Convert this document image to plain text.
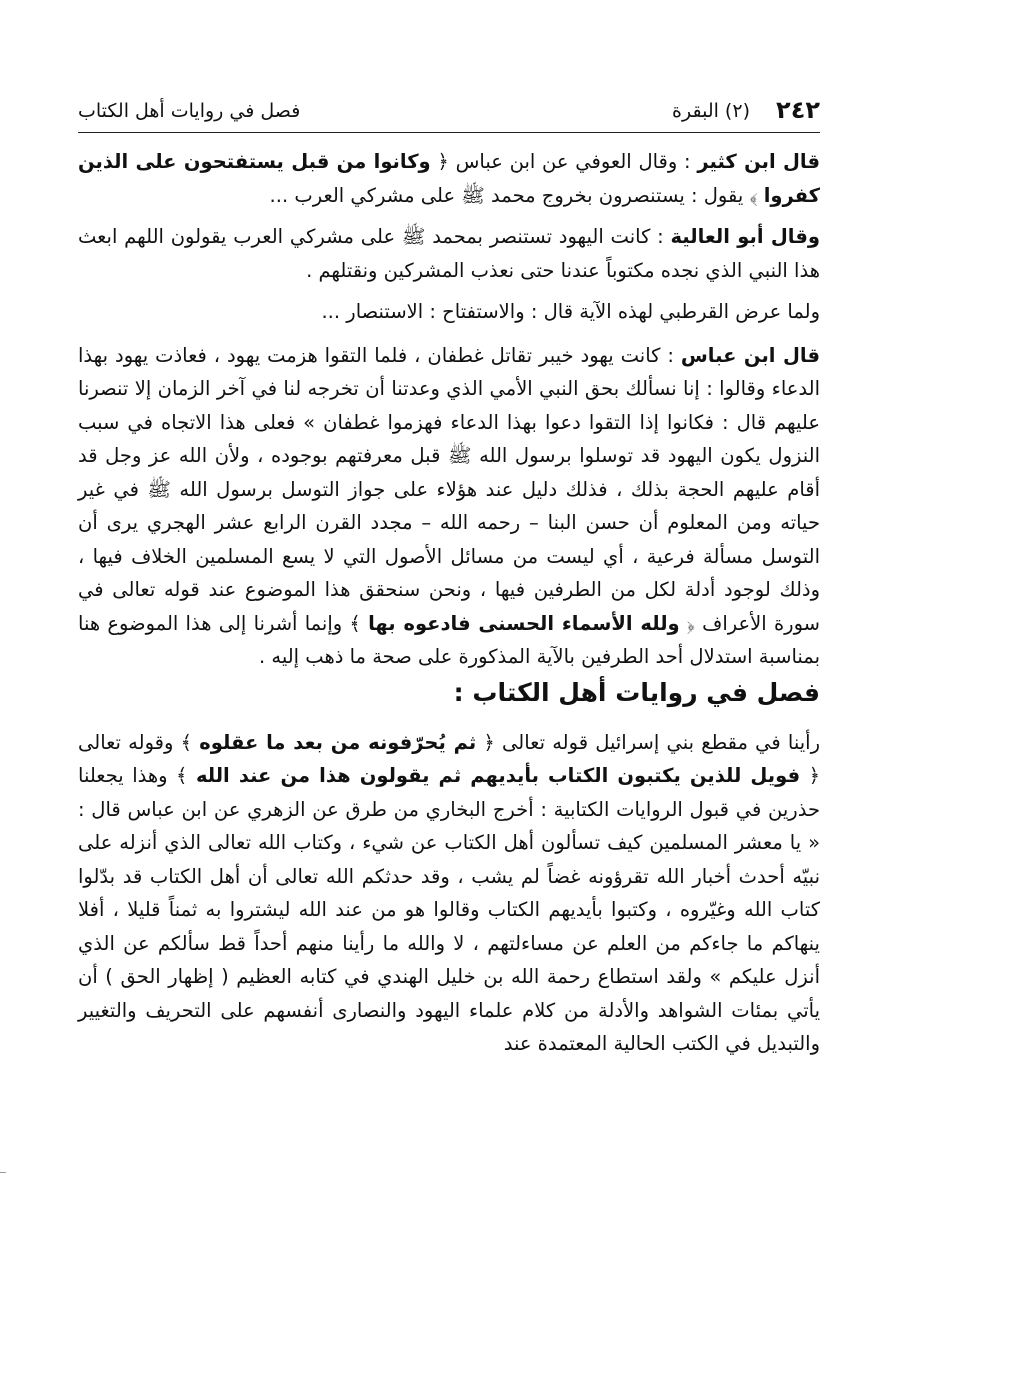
٢٤٢
(٢) البقرة
فصل في روايات أهل الكتاب

قال ابن كثير : وقال العوفي عن ابن عباس ﴿ وكانوا من قبل يستفتحون على الذين كفروا ﴾ يقول : يستنصرون بخروج محمد ﷺ على مشركي العرب ...

وقال أبو العالية : كانت اليهود تستنصر بمحمد ﷺ على مشركي العرب يقولون اللهم ابعث هذا النبي الذي نجده مكتوباً عندنا حتى نعذب المشركين ونقتلهم .

ولما عرض القرطبي لهذه الآية قال : والاستفتاح : الاستنصار ...

قال ابن عباس : كانت يهود خيبر تقاتل غطفان ، فلما التقوا هزمت يهود ، فعاذت يهود بهذا الدعاء وقالوا : إنا نسألك بحق النبي الأمي الذي وعدتنا أن تخرجه لنا في آخر الزمان إلا تنصرنا عليهم قال : فكانوا إذا التقوا دعوا بهذا الدعاء فهزموا غطفان » فعلى هذا الاتجاه في سبب النزول يكون اليهود قد توسلوا برسول الله ﷺ قبل معرفتهم بوجوده ، ولأن الله عز وجل قد أقام عليهم الحجة بذلك ، فذلك دليل عند هؤلاء على جواز التوسل برسول الله ﷺ في غير حياته ومن المعلوم أن حسن البنا – رحمه الله – مجدد القرن الرابع عشر الهجري يرى أن التوسل مسألة فرعية ، أي ليست من مسائل الأصول التي لا يسع المسلمين الخلاف فيها ، وذلك لوجود أدلة لكل من الطرفين فيها ، ونحن سنحقق هذا الموضوع عند قوله تعالى في سورة الأعراف ﴿ ولله الأسماء الحسنى فادعوه بها ﴾ وإنما أشرنا إلى هذا الموضوع هنا بمناسبة استدلال أحد الطرفين بالآية المذكورة على صحة ما ذهب إليه .

فصل في روايات أهل الكتاب :

رأينا في مقطع بني إسرائيل قوله تعالى ﴿ ثم يُحرّفونه من بعد ما عقلوه ﴾ وقوله تعالى ﴿ فويل للذين يكتبون الكتاب بأيديهم ثم يقولون هذا من عند الله ﴾ وهذا يجعلنا حذرين في قبول الروايات الكتابية : أخرج البخاري من طرق عن الزهري عن ابن عباس قال : « يا معشر المسلمين كيف تسألون أهل الكتاب عن شيء ، وكتاب الله تعالى الذي أنزله على نبيّه أحدث أخبار الله تقرؤونه غضاً لم يشب ، وقد حدثكم الله تعالى أن أهل الكتاب قد بدّلوا كتاب الله وغيّروه ، وكتبوا بأيديهم الكتاب وقالوا هو من عند الله ليشتروا به ثمناً قليلا ، أفلا ينهاكم ما جاءكم من العلم عن مساءلتهم ، لا والله ما رأينا منهم أحداً قط سألكم عن الذي أنزل عليكم » ولقد استطاع رحمة الله بن خليل الهندي في كتابه العظيم ( إظهار الحق ) أن يأتي بمئات الشواهد والأدلة من كلام علماء اليهود والنصارى أنفسهم على التحريف والتغيير والتبديل في الكتب الحالية المعتمدة عند
